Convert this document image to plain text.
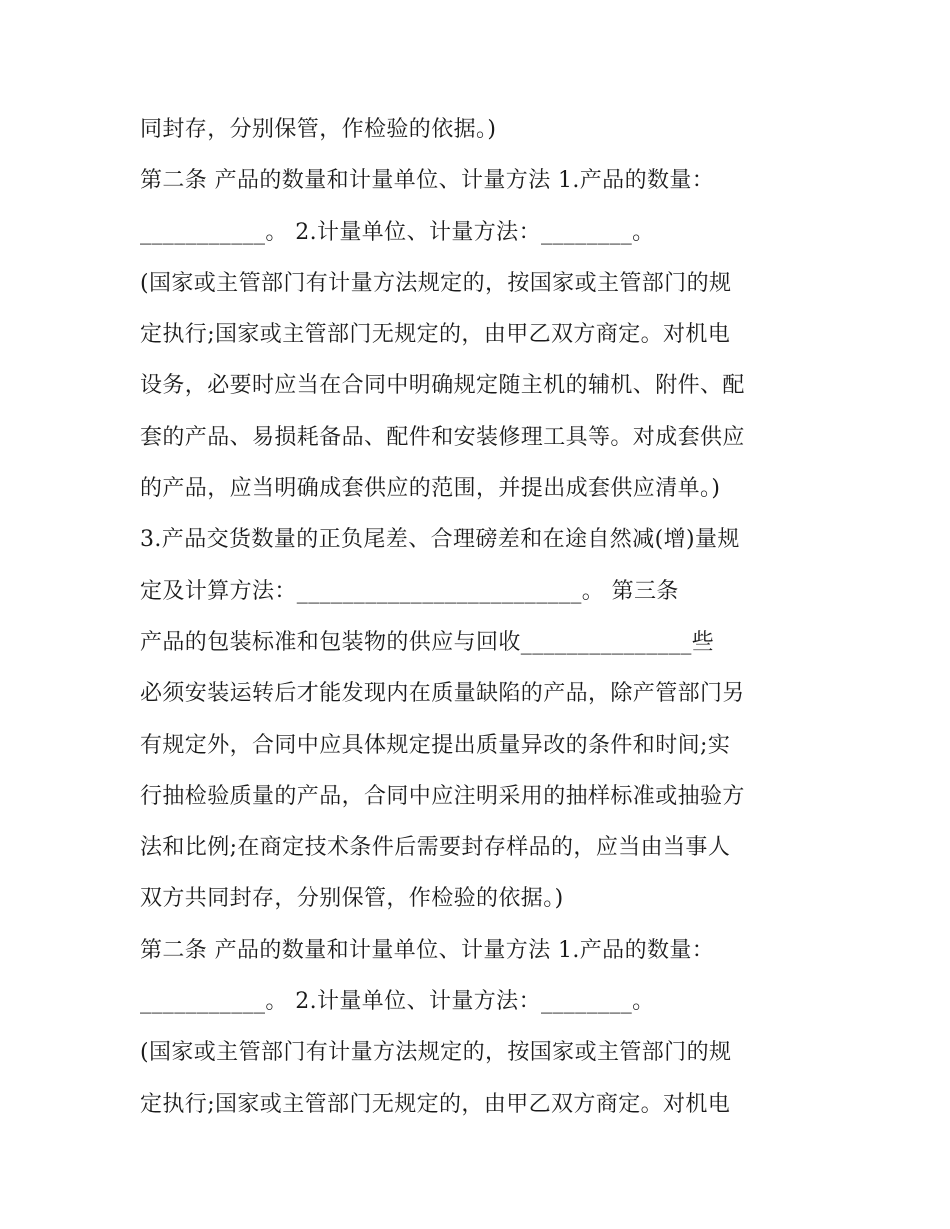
同封存，分别保管，作检验的依据。)
第二条 产品的数量和计量单位、计量方法 1.产品的数量：
___________。 2.计量单位、计量方法：________。
(国家或主管部门有计量方法规定的，按国家或主管部门的规
定执行;国家或主管部门无规定的，由甲乙双方商定。对机电
设务，必要时应当在合同中明确规定随主机的辅机、附件、配
套的产品、易损耗备品、配件和安装修理工具等。对成套供应
的产品，应当明确成套供应的范围，并提出成套供应清单。)
3.产品交货数量的正负尾差、合理磅差和在途自然减(增)量规
定及计算方法：_________________________。 第三条
产品的包装标准和包装物的供应与回收_______________些
必须安装运转后才能发现内在质量缺陷的产品，除产管部门另
有规定外，合同中应具体规定提出质量异改的条件和时间;实
行抽检验质量的产品，合同中应注明采用的抽样标准或抽验方
法和比例;在商定技术条件后需要封存样品的，应当由当事人
双方共同封存，分别保管，作检验的依据。)
第二条 产品的数量和计量单位、计量方法 1.产品的数量：
___________。 2.计量单位、计量方法：________。
(国家或主管部门有计量方法规定的，按国家或主管部门的规
定执行;国家或主管部门无规定的，由甲乙双方商定。对机电
